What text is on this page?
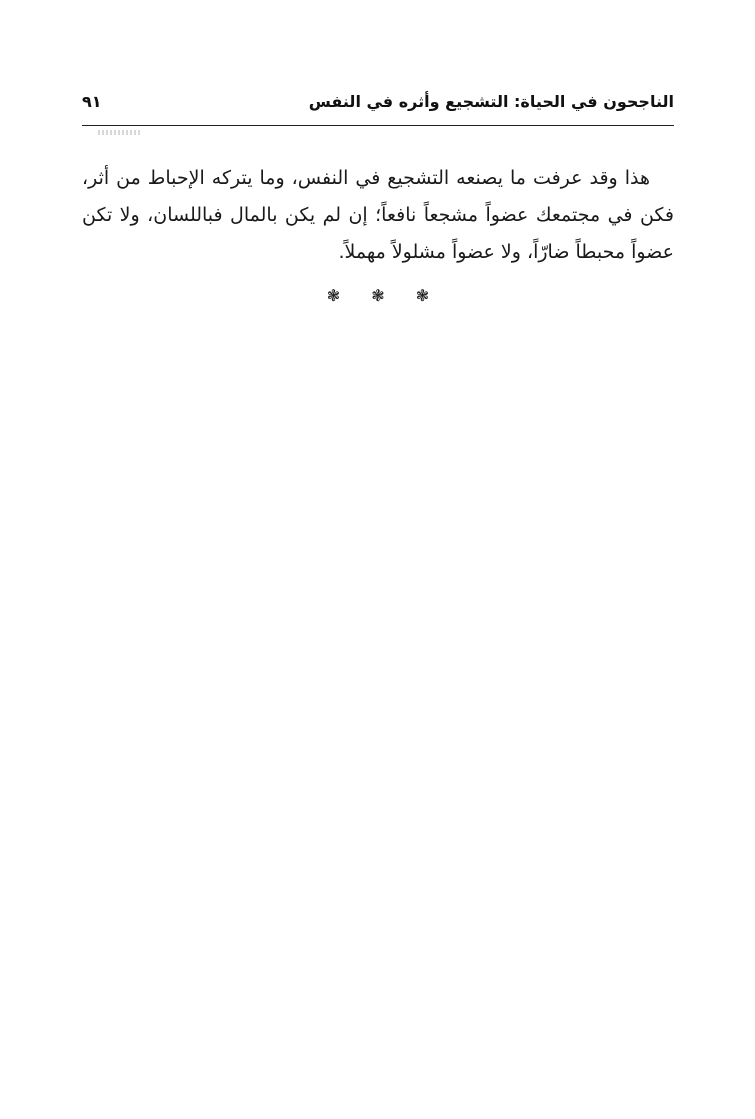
الناجحون في الحياة: التشجيع وأثره في النفس
٩١

هذا وقد عرفت ما يصنعه التشجيع في النفس، وما يتركه الإحباط من أثر، فكن في مجتمعك عضواً مشجعاً نافعاً؛ إن لم يكن بالمال فباللسان، ولا تكن عضواً محبطاً ضارّاً، ولا عضواً مشلولاً مهملاً.

❃ ❃ ❃
